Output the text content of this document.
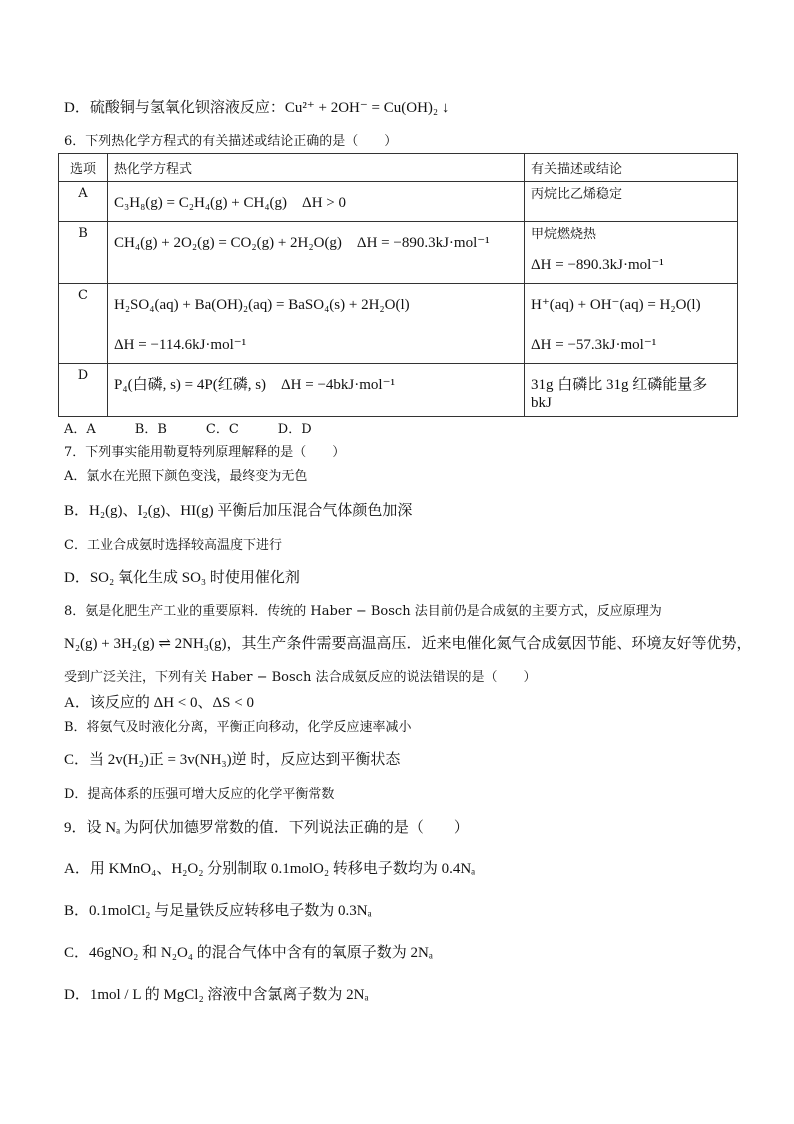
D．硫酸铜与氢氧化钡溶液反应：Cu²⁺ + 2OH⁻ = Cu(OH)₂ ↓
6．下列热化学方程式的有关描述或结论正确的是（　　）
选项	热化学方程式	有关描述或结论
A	C₃H₈(g) = C₂H₄(g) + CH₄(g)　ΔH > 0	丙烷比乙烯稳定

B	CH₄(g) + 2O₂(g) = CO₂(g) + 2H₂O(g)　ΔH = −890.3kJ·mol⁻¹	甲烷燃烧热
ΔH = −890.3kJ·mol⁻¹

C	H₂SO₄(aq) + Ba(OH)₂(aq) = BaSO₄(s) + 2H₂O(l)
ΔH = −114.6kJ·mol⁻¹	H⁺(aq) + OH⁻(aq) = H₂O(l)
ΔH = −57.3kJ·mol⁻¹

D	P₄(白磷, s) = 4P(红磷, s)　ΔH = −4bkJ·mol⁻¹	31g 白磷比 31g 红磷能量多 bkJ
A．A　　　B．B　　　C．C　　　D．D
7．下列事实能用勒夏特列原理解释的是（　　）
A．氯水在光照下颜色变浅，最终变为无色
B．H₂(g)、I₂(g)、HI(g) 平衡后加压混合气体颜色加深
C．工业合成氨时选择较高温度下进行
D．SO₂ 氧化生成 SO₃ 时使用催化剂
8．氨是化肥生产工业的重要原料．传统的 Haber − Bosch 法目前仍是合成氨的主要方式，反应原理为
N₂(g) + 3H₂(g) ⇌ 2NH₃(g)，其生产条件需要高温高压．近来电催化氮气合成氨因节能、环境友好等优势，
受到广泛关注，下列有关 Haber − Bosch 法合成氨反应的说法错误的是（　　）
A．该反应的 ΔH < 0、ΔS < 0
B．将氨气及时液化分离，平衡正向移动，化学反应速率减小
C．当 2v(H₂)正 = 3v(NH₃)逆 时，反应达到平衡状态
D．提高体系的压强可增大反应的化学平衡常数
9．设 Nₐ 为阿伏加德罗常数的值．下列说法正确的是（　　）
A．用 KMnO₄、H₂O₂ 分别制取 0.1molO₂ 转移电子数均为 0.4Nₐ
B．0.1molCl₂ 与足量铁反应转移电子数为 0.3Nₐ
C．46gNO₂ 和 N₂O₄ 的混合气体中含有的氧原子数为 2Nₐ
D．1mol / L 的 MgCl₂ 溶液中含氯离子数为 2Nₐ
